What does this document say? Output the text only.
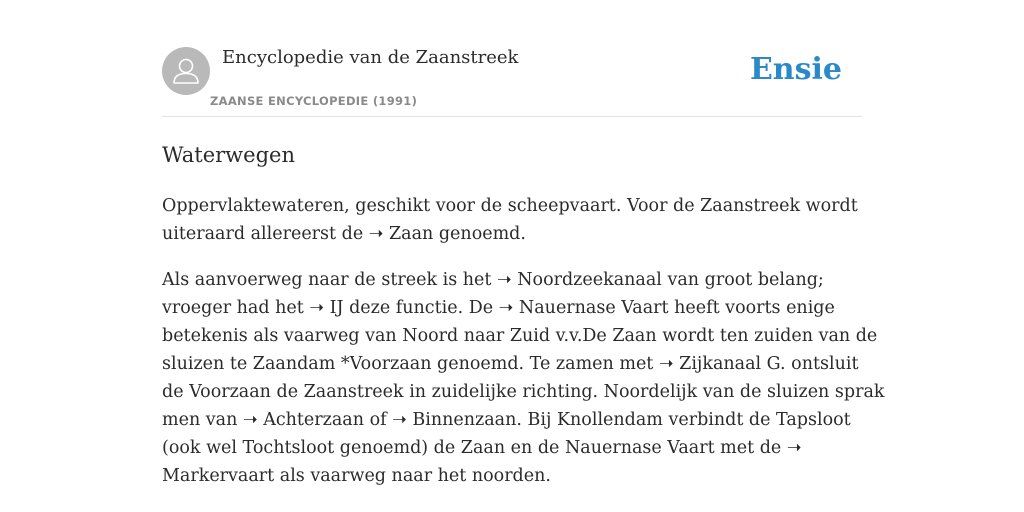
Encyclopedie van de Zaanstreek
ZAANSE ENCYCLOPEDIE (1991)
Ensie
Waterwegen

Oppervlaktewateren, geschikt voor de scheepvaart. Voor de Zaanstreek wordt
uiteraard allereerst de ➝ Zaan genoemd.

Als aanvoerweg naar de streek is het ➝ Noordzeekanaal van groot belang;
vroeger had het ➝ IJ deze functie. De ➝ Nauernase Vaart heeft voorts enige
betekenis als vaarweg van Noord naar Zuid v.v.De Zaan wordt ten zuiden van de
sluizen te Zaandam *Voorzaan genoemd. Te zamen met ➝ Zijkanaal G. ontsluit
de Voorzaan de Zaanstreek in zuidelijke richting. Noordelijk van de sluizen sprak
men van ➝ Achterzaan of ➝ Binnenzaan. Bij Knollendam verbindt de Tapsloot
(ook wel Tochtsloot genoemd) de Zaan en de Nauernase Vaart met de ➝
Markervaart als vaarweg naar het noorden.
